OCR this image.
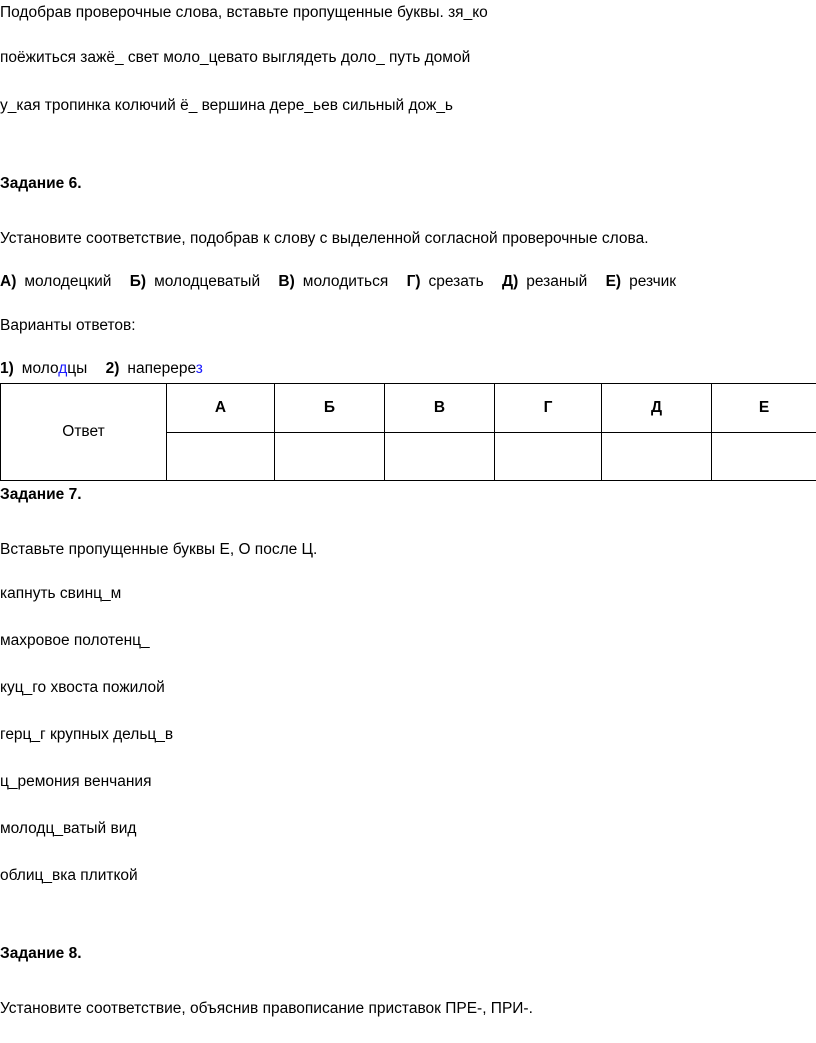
Подобрав проверочные слова, вставьте пропущенные буквы. зя_ко
поёжиться зажё_ свет моло_цевато выглядеть доло_ путь домой
у_кая тропинка колючий ё_ вершина дере_ьев сильный дож_ь
Задание 6.
Установите соответствие, подобрав к слову с выделенной согласной проверочные слова.
А) молодецкий Б) молодцеватый В) молодиться Г) срезать Д) резаный Е) резчик
Варианты ответов:
1) молодцы 2) наперерез
Ответ	А	Б	В	Г	Д	Е

Задание 7.
Вставьте пропущенные буквы Е, О после Ц.
капнуть свинц_м
махровое полотенц_
куц_го хвоста пожилой
герц_г крупных дельц_в
ц_ремония венчания
молодц_ватый вид
облиц_вка плиткой
Задание 8.
Установите соответствие, объяснив правописание приставок ПРЕ-, ПРИ-.
